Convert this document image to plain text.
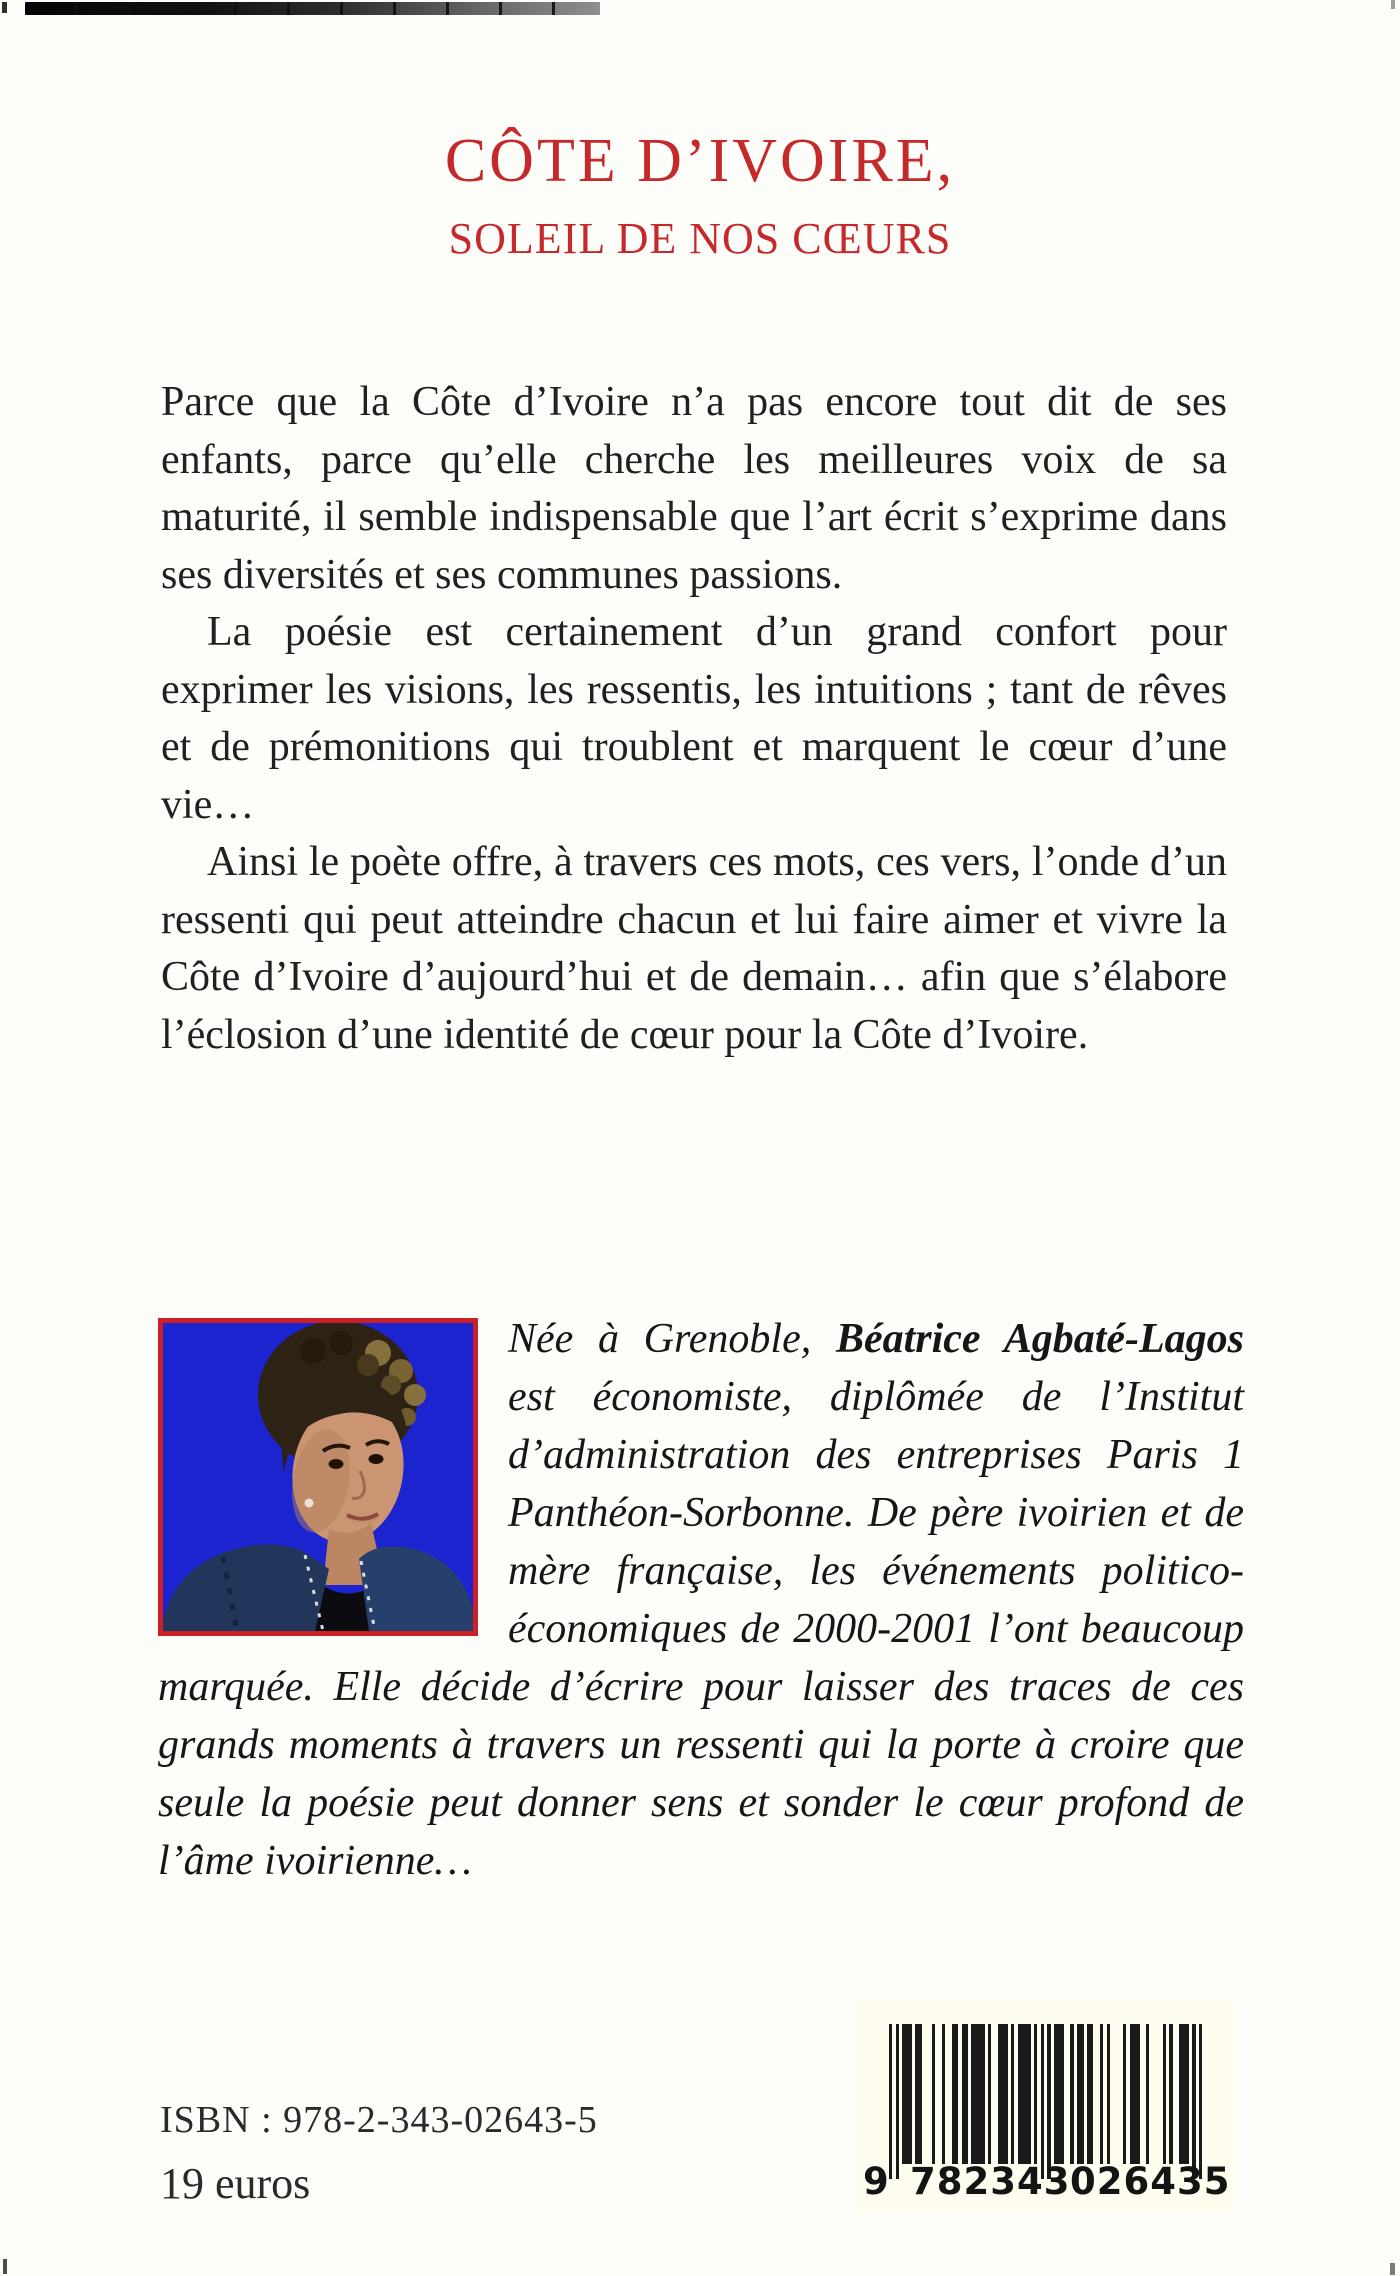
CÔTE D’IVOIRE,
SOLEIL DE NOS CŒURS

Parce que la Côte d’Ivoire n’a pas encore tout dit de ses enfants, parce qu’elle cherche les meilleures voix de sa maturité, il semble indispensable que l’art écrit s’exprime dans ses diversités et ses communes passions.

La poésie est certainement d’un grand confort pour exprimer les visions, les ressentis, les intuitions ; tant de rêves et de prémonitions qui troublent et marquent le cœur d’une vie…

Ainsi le poète offre, à travers ces mots, ces vers, l’onde d’un ressenti qui peut atteindre chacun et lui faire aimer et vivre la Côte d’Ivoire d’aujourd’hui et de demain… afin que s’élabore l’éclosion d’une identité de cœur pour la Côte d’Ivoire.

Née à Grenoble, Béatrice Agbaté-Lagos est économiste, diplômée de l’Institut d’administration des entreprises Paris 1 Panthéon-Sorbonne. De père ivoirien et de mère française, les événements politico-économiques de 2000-2001 l’ont beaucoup marquée. Elle décide d’écrire pour laisser des traces de ces grands moments à travers un ressenti qui la porte à croire que seule la poésie peut donner sens et sonder le cœur profond de l’âme ivoirienne…

ISBN : 978-2-343-02643-5
19 euros	9 782343 026435
